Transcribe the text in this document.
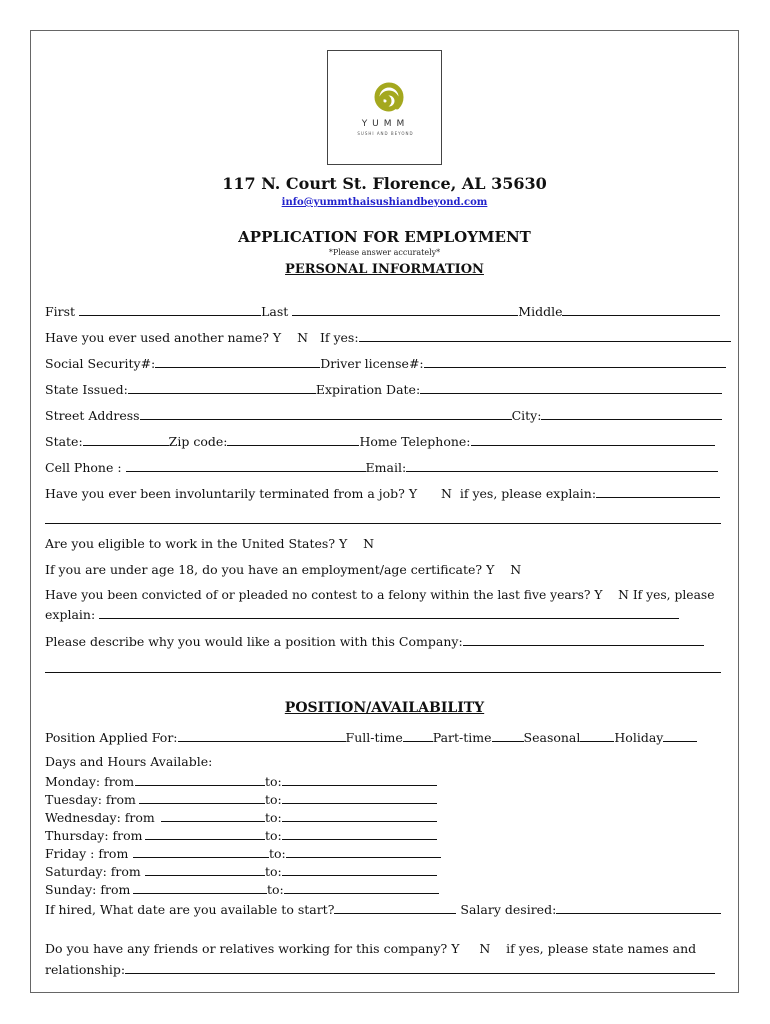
YUMM
SUSHI AND BEYOND
117 N. Court St. Florence, AL 35630
info@yummthaisushiandbeyond.com
APPLICATION FOR EMPLOYMENT
*Please answer accurately*
PERSONAL INFORMATION
First	Last	Middle
Have you ever used another name? Y N If yes:
Social Security#:	Driver license#:
State Issued:	Expiration Date:
Street Address	City:
State:	Zip code:	Home Telephone:
Cell Phone :	Email:
Have you ever been involuntarily terminated from a job? Y N if yes, please explain:
Are you eligible to work in the United States? Y N
If you are under age 18, do you have an employment/age certificate? Y N
Have you been convicted of or pleaded no contest to a felony within the last five years? Y N If yes, please
explain:
Please describe why you would like a position with this Company:
POSITION/AVAILABILITY
Position Applied For:	Full-time Part-time	Seasonal	Holiday
Days and Hours Available:
Monday: from	to:
Tuesday: from	to:
Wednesday: from	to:
Thursday: from	to:
Friday : from	to:
Saturday: from	to:
Sunday: from	to:
If hired, What date are you available to start?	Salary desired:
Do you have any friends or relatives working for this company? Y N if yes, please state names and
relationship:
